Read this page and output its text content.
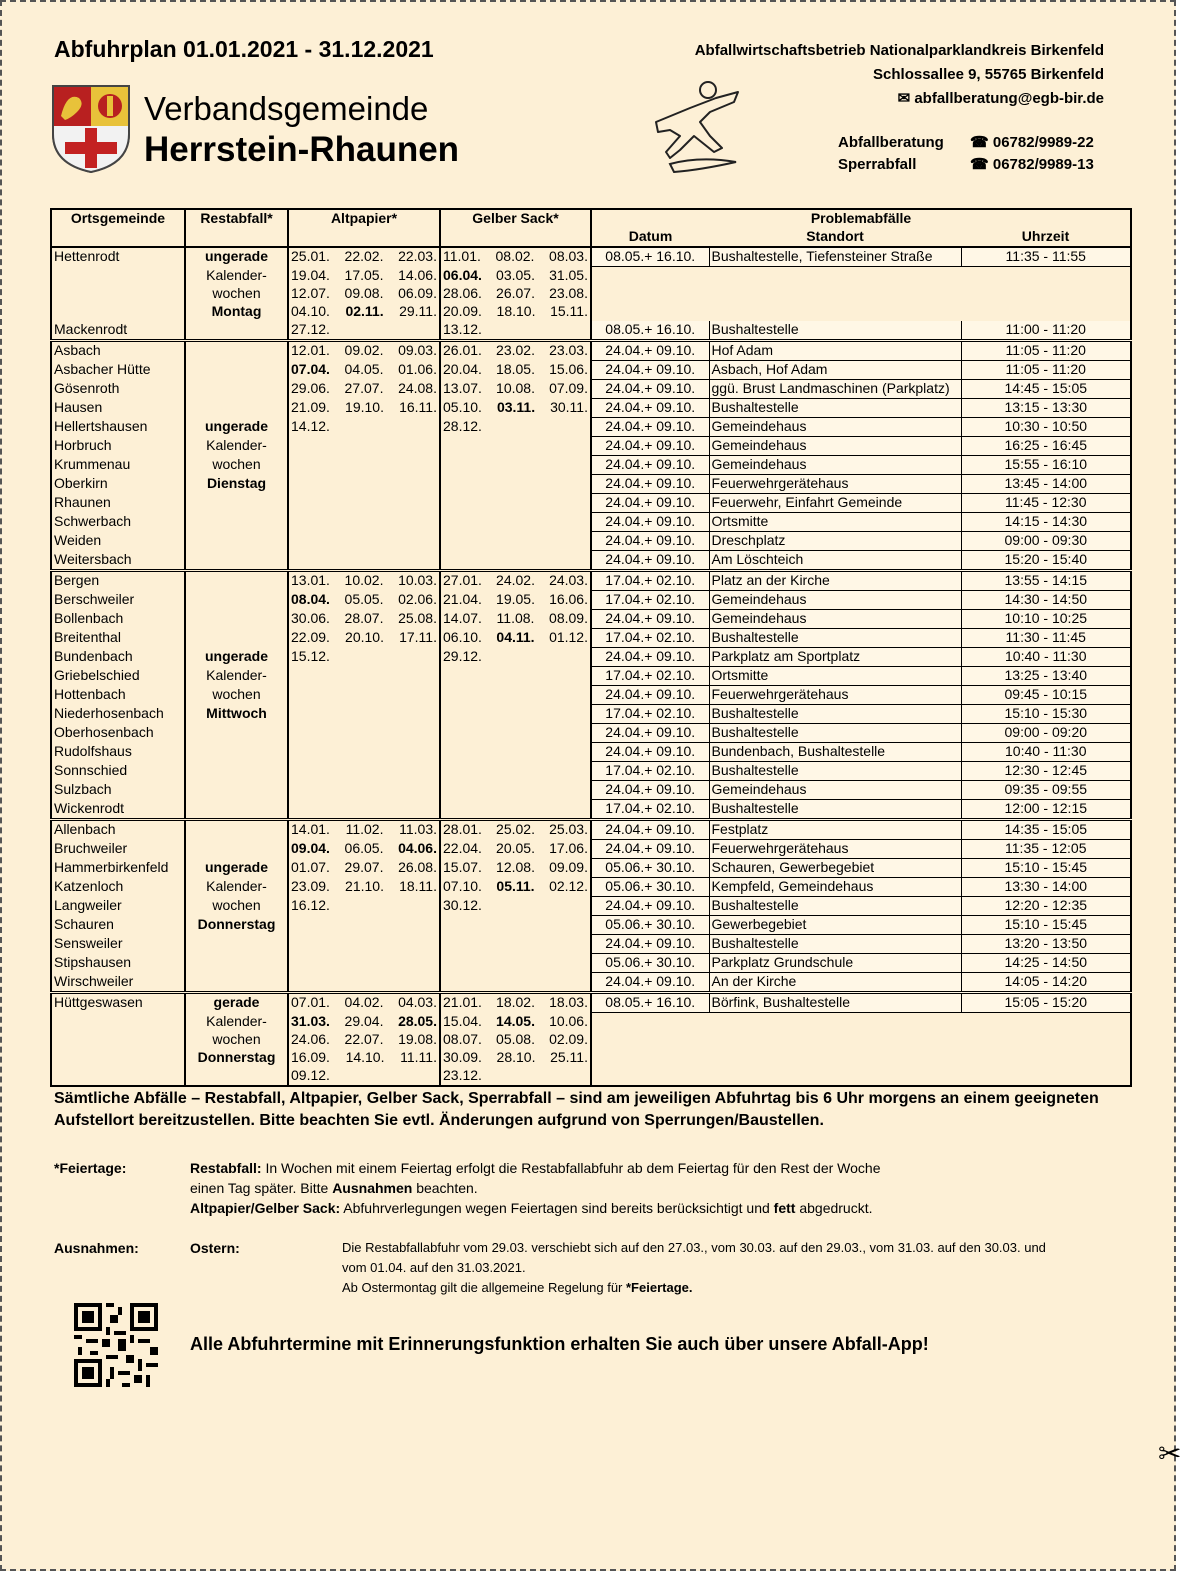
Abfuhrplan 01.01.2021 - 31.12.2021
Verbandsgemeinde
Herrstein-Rhaunen
Abfallwirtschaftsbetrieb Nationalparklandkreis Birkenfeld
Schlossallee 9, 55765 Birkenfeld
✉ abfallberatung@egb-bir.de
Abfallberatung	☎ 06782/9989-22
Sperrabfall	☎ 06782/9989-13
Ortsgemeinde	Restabfall*	Altpapier*	Gelber Sack*	Problemabfälle		
				Datum	Standort	Uhrzeit
Hettenrodt	ungerade	25.01. 22.02. 22.03.	11.01. 08.02. 08.03.	08.05.+ 16.10.	Bushaltestelle, Tiefensteiner Straße	11:35 - 11:55
	Kalender-	19.04. 17.05. 14.06.	06.04. 03.05. 31.05.			

	wochen	12.07. 09.08. 06.09.	28.06. 26.07. 23.08.			

	Montag	04.10. 02.11. 29.11.	20.09. 18.10. 15.11.			

Mackenrodt		27.12.	13.12.	08.05.+ 16.10.	Bushaltestelle	11:00 - 11:20
Asbach		12.01. 09.02. 09.03.	26.01. 23.02. 23.03.	24.04.+ 09.10.	Hof Adam	11:05 - 11:20
Asbacher Hütte		07.04. 04.05. 01.06.	20.04. 18.05. 15.06.	24.04.+ 09.10.	Asbach, Hof Adam	11:05 - 11:20
Gösenroth		29.06. 27.07. 24.08.	13.07. 10.08. 07.09.	24.04.+ 09.10.	ggü. Brust Landmaschinen (Parkplatz)	14:45 - 15:05
Hausen		21.09. 19.10. 16.11.	05.10. 03.11. 30.11.	24.04.+ 09.10.	Bushaltestelle	13:15 - 13:30
Hellertshausen	ungerade	14.12.	28.12.	24.04.+ 09.10.	Gemeindehaus	10:30 - 10:50
Horbruch	Kalender-			24.04.+ 09.10.	Gemeindehaus	16:25 - 16:45
Krummenau	wochen			24.04.+ 09.10.	Gemeindehaus	15:55 - 16:10
Oberkirn	Dienstag			24.04.+ 09.10.	Feuerwehrgerätehaus	13:45 - 14:00
Rhaunen				24.04.+ 09.10.	Feuerwehr, Einfahrt Gemeinde	11:45 - 12:30
Schwerbach				24.04.+ 09.10.	Ortsmitte	14:15 - 14:30
Weiden				24.04.+ 09.10.	Dreschplatz	09:00 - 09:30
Weitersbach				24.04.+ 09.10.	Am Löschteich	15:20 - 15:40
Bergen		13.01. 10.02. 10.03.	27.01. 24.02. 24.03.	17.04.+ 02.10.	Platz an der Kirche	13:55 - 14:15
Berschweiler		08.04. 05.05. 02.06.	21.04. 19.05. 16.06.	17.04.+ 02.10.	Gemeindehaus	14:30 - 14:50
Bollenbach		30.06. 28.07. 25.08.	14.07. 11.08. 08.09.	24.04.+ 09.10.	Gemeindehaus	10:10 - 10:25
Breitenthal		22.09. 20.10. 17.11.	06.10. 04.11. 01.12.	17.04.+ 02.10.	Bushaltestelle	11:30 - 11:45
Bundenbach	ungerade	15.12.	29.12.	24.04.+ 09.10.	Parkplatz am Sportplatz	10:40 - 11:30
Griebelschied	Kalender-			17.04.+ 02.10.	Ortsmitte	13:25 - 13:40
Hottenbach	wochen			24.04.+ 09.10.	Feuerwehrgerätehaus	09:45 - 10:15
Niederhosenbach	Mittwoch			17.04.+ 02.10.	Bushaltestelle	15:10 - 15:30
Oberhosenbach				24.04.+ 09.10.	Bushaltestelle	09:00 - 09:20
Rudolfshaus				24.04.+ 09.10.	Bundenbach, Bushaltestelle	10:40 - 11:30
Sonnschied				17.04.+ 02.10.	Bushaltestelle	12:30 - 12:45
Sulzbach				24.04.+ 09.10.	Gemeindehaus	09:35 - 09:55
Wickenrodt				17.04.+ 02.10.	Bushaltestelle	12:00 - 12:15
Allenbach		14.01. 11.02. 11.03.	28.01. 25.02. 25.03.	24.04.+ 09.10.	Festplatz	14:35 - 15:05
Bruchweiler		09.04. 06.05. 04.06.	22.04. 20.05. 17.06.	24.04.+ 09.10.	Feuerwehrgerätehaus	11:35 - 12:05
Hammerbirkenfeld	ungerade	01.07. 29.07. 26.08.	15.07. 12.08. 09.09.	05.06.+ 30.10.	Schauren, Gewerbegebiet	15:10 - 15:45
Katzenloch	Kalender-	23.09. 21.10. 18.11.	07.10. 05.11. 02.12.	05.06.+ 30.10.	Kempfeld, Gemeindehaus	13:30 - 14:00
Langweiler	wochen	16.12.	30.12.	24.04.+ 09.10.	Bushaltestelle	12:20 - 12:35
Schauren	Donnerstag			05.06.+ 30.10.	Gewerbegebiet	15:10 - 15:45
Sensweiler				24.04.+ 09.10.	Bushaltestelle	13:20 - 13:50
Stipshausen				05.06.+ 30.10.	Parkplatz Grundschule	14:25 - 14:50
Wirschweiler				24.04.+ 09.10.	An der Kirche	14:05 - 14:20
Hüttgeswasen	gerade	07.01. 04.02. 04.03.	21.01. 18.02. 18.03.	08.05.+ 16.10.	Börfink, Bushaltestelle	15:05 - 15:20
	Kalender-	31.03. 29.04. 28.05.	15.04. 14.05. 10.06.			

	wochen	24.06. 22.07. 19.08.	08.07. 05.08. 02.09.			

	Donnerstag	16.09. 14.10. 11.11.	30.09. 28.10. 25.11.			

		09.12.	23.12.			

Sämtliche Abfälle – Restabfall, Altpapier, Gelber Sack, Sperrabfall – sind am jeweiligen Abfuhrtag bis 6 Uhr morgens an einem geeigneten Aufstellort bereitzustellen. Bitte beachten Sie evtl. Änderungen aufgrund von Sperrungen/Baustellen.
*Feiertage:	Restabfall: In Wochen mit einem Feiertag erfolgt die Restabfallabfuhr ab dem Feiertag für den Rest der Woche
einen Tag später. Bitte Ausnahmen beachten.
Altpapier/Gelber Sack: Abfuhrverlegungen wegen Feiertagen sind bereits berücksichtigt und fett abgedruckt.
Ausnahmen:	Ostern:	Die Restabfallabfuhr vom 29.03. verschiebt sich auf den 27.03., vom 30.03. auf den 29.03., vom 31.03. auf den 30.03. und
vom 01.04. auf den 31.03.2021.
Ab Ostermontag gilt die allgemeine Regelung für *Feiertage.
Alle Abfuhrtermine mit Erinnerungsfunktion erhalten Sie auch über unsere Abfall-App!
✂
